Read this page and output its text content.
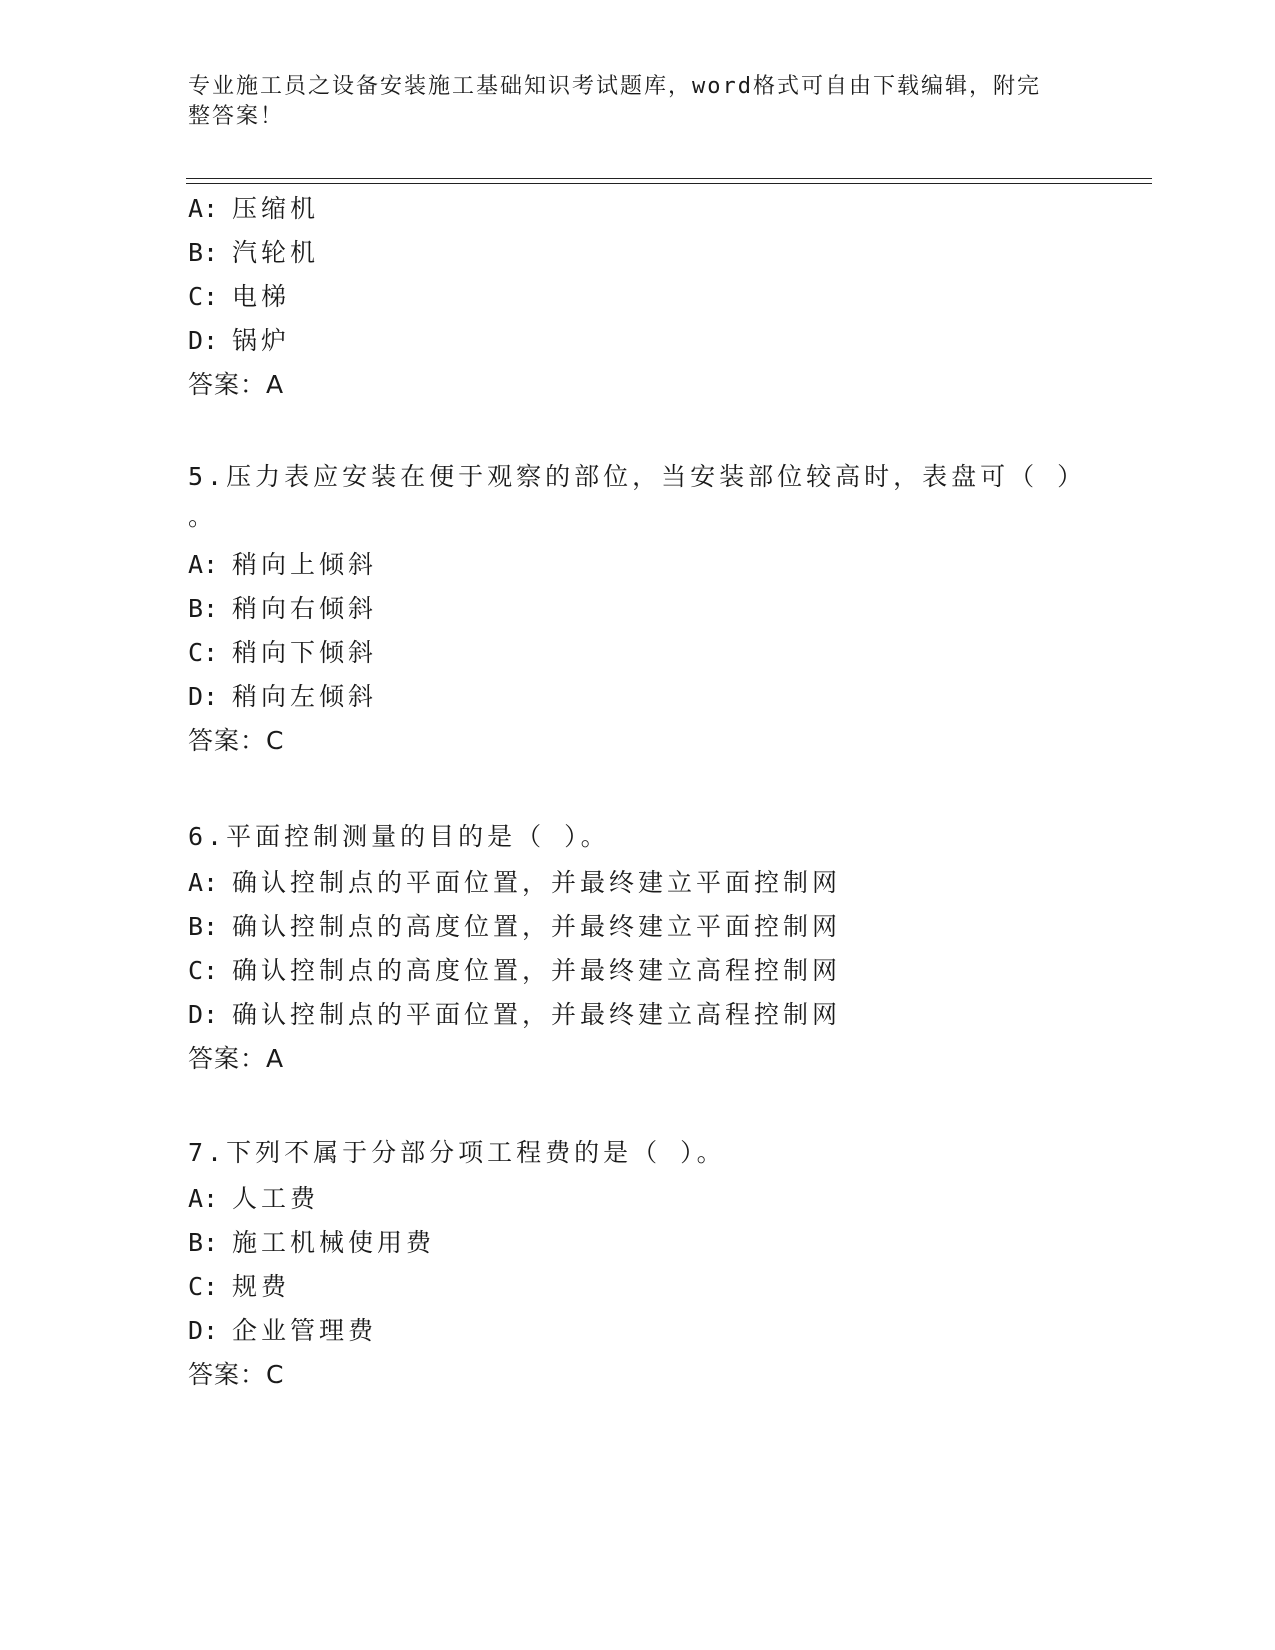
专业施工员之设备安装施工基础知识考试题库，word格式可自由下载编辑，附完
整答案！
A: 压缩机
B: 汽轮机
C: 电梯
D: 锅炉
答案：A
5.压力表应安装在便于观察的部位，当安装部位较高时，表盘可（ ）
。
A: 稍向上倾斜
B: 稍向右倾斜
C: 稍向下倾斜
D: 稍向左倾斜
答案：C
6.平面控制测量的目的是（ ）。
A: 确认控制点的平面位置，并最终建立平面控制网
B: 确认控制点的高度位置，并最终建立平面控制网
C: 确认控制点的高度位置，并最终建立高程控制网
D: 确认控制点的平面位置，并最终建立高程控制网
答案：A
7.下列不属于分部分项工程费的是（ ）。
A: 人工费
B: 施工机械使用费
C: 规费
D: 企业管理费
答案：C
